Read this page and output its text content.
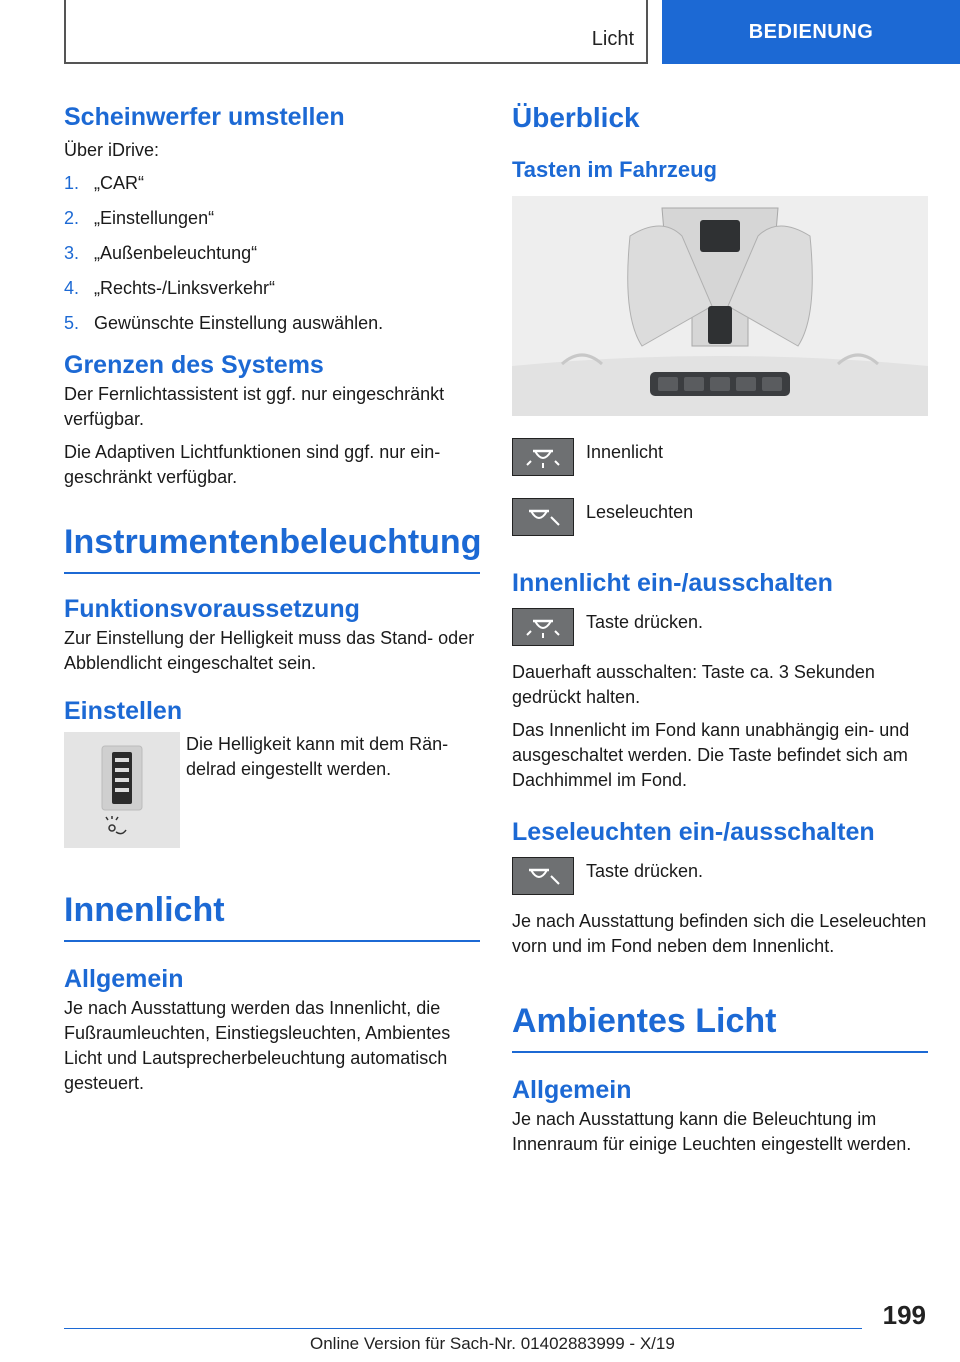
Licht	BEDIENUNG
Scheinwerfer umstellen

Über iDrive:

1. „CAR“
2. „Einstellungen“
3. „Außenbeleuchtung“
4. „Rechts-/Linksverkehr“
5. Gewünschte Einstellung auswählen.
Grenzen des Systems

Der Fernlichtassistent ist ggf. nur eingeschränkt verfügbar.

Die Adaptiven Lichtfunktionen sind ggf. nur eingeschränkt verfügbar.

Instrumentenbeleuchtung
Funktionsvoraussetzung

Zur Einstellung der Helligkeit muss das Stand- oder Abblendlicht eingeschaltet sein.

Einstellen

Die Helligkeit kann mit dem Rändelrad eingestellt werden.

Innenlicht
Allgemein

Je nach Ausstattung werden das Innenlicht, die Fußraumleuchten, Einstiegsleuchten, Ambientes Licht und Lautsprecherbeleuchtung automatisch gesteuert.

Überblick
Tasten im Fahrzeug

Innenlicht

Leseleuchten

Innenlicht ein-/ausschalten

Taste drücken.

Dauerhaft ausschalten: Taste ca. 3 Sekunden gedrückt halten.

Das Innenlicht im Fond kann unabhängig ein- und ausgeschaltet werden. Die Taste befindet sich am Dachhimmel im Fond.

Leseleuchten ein-/ausschalten

Taste drücken.

Je nach Ausstattung befinden sich die Leseleuchten vorn und im Fond neben dem Innenlicht.

Ambientes Licht
Allgemein

Je nach Ausstattung kann die Beleuchtung im Innenraum für einige Leuchten eingestellt werden.

199
Online Version für Sach-Nr. 01402883999 - X/19
